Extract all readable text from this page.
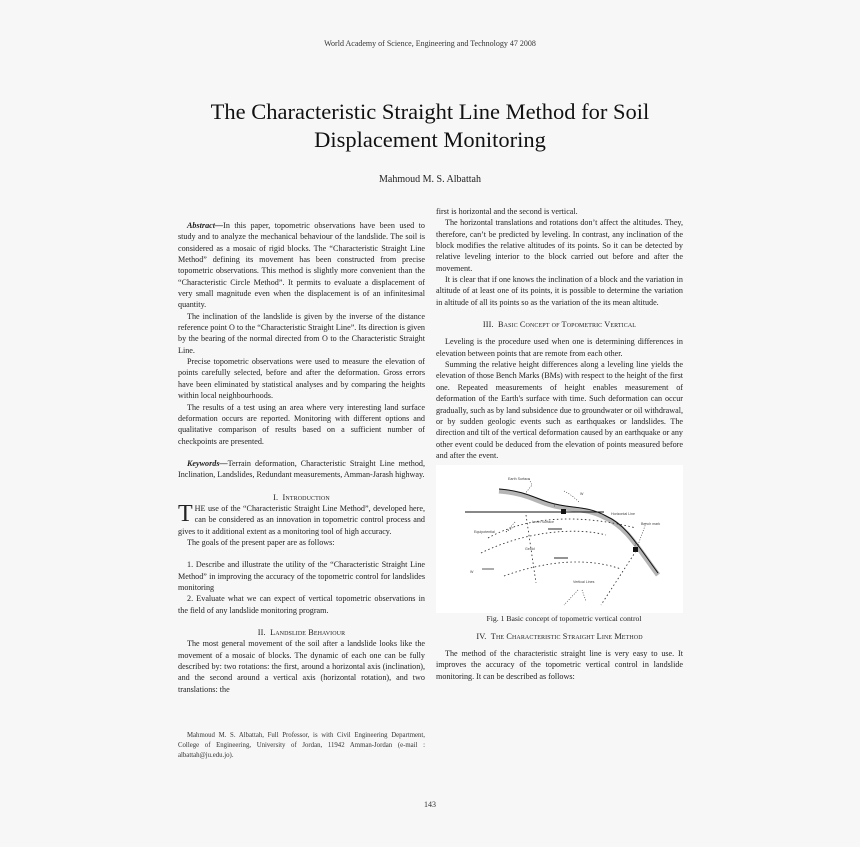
World Academy of Science, Engineering and Technology 47 2008
The Characteristic Straight Line Method for Soil Displacement Monitoring
Mahmoud M. S. Albattah

Abstract—In this paper, topometric observations have been used to study and to analyze the mechanical behaviour of the landslide. The soil is considered as a mosaic of rigid blocks. The “Characteristic Straight Line Method” defining its movement has been constructed from precise topometric observations. This method is slightly more convenient than the “Characteristic Circle Method”. It permits to evaluate a displacement of very small magnitude even when the displacement is of an infinitesimal quantity.

The inclination of the landslide is given by the inverse of the distance reference point O to the “Characteristic Straight Line”. Its direction is given by the bearing of the normal directed from O to the Characteristic Straight Line.

Precise topometric observations were used to measure the elevation of points carefully selected, before and after the deformation. Gross errors have been eliminated by statistical analyses and by comparing the heights within local neighbourhoods.

The results of a test using an area where very interesting land surface deformation occurs are reported. Monitoring with different options and qualitative comparison of results based on a sufficient number of checkpoints are presented.

Keywords—Terrain deformation, Characteristic Straight Line method, Inclination, Landslides, Redundant measurements, Amman-Jarash highway.

I. Introduction

THE use of the “Characteristic Straight Line Method”, developed here, can be considered as an innovation in topometric control process and gives to it additional extent as a monitoring tool of high accuracy.

The goals of the present paper are as follows:

1. Describe and illustrate the utility of the “Characteristic Straight Line Method” in improving the accuracy of the topometric control for landslides monitoring

2. Evaluate what we can expect of vertical topometric observations in the field of any landslide monitoring program.

II. Landslide Behaviour

The most general movement of the soil after a landslide looks like the movement of a mosaic of blocks. The dynamic of each one can be fully described by: two rotations: the first, around a horizontal axis (inclination), and the second around a vertical axis (horizontal rotation), and two translations: the

Mahmoud M. S. Albattah, Full Professor, is with Civil Engineering Department, College of Engineering, University of Jordan, 11942 Amman-Jordan (e-mail : albattah@ju.edu.jo).

first is horizontal and the second is vertical.

The horizontal translations and rotations don’t affect the altitudes. They, therefore, can’t be predicted by leveling. In contrast, any inclination of the block modifies the relative altitudes of its points. So it can be detected by relative leveling interior to the block carried out before and after the movement.

It is clear that if one knows the inclination of a block and the variation in altitude of at least one of its points, it is possible to determine the variation in altitude of all its points so as the variation of the its mean altitude.

III. Basic Concept of Topometric Vertical

Leveling is the procedure used when one is determining differences in elevation between points that are remote from each other.

Summing the relative height differences along a leveling line yields the elevation of those Bench Marks (BMs) with respect to the height of the first one. Repeated measurements of height enables measurement of deformation of the Earth's surface with time. Such deformation can occur gradually, such as by land subsidence due to groundwater or oil withdrawal, or by sudden geologic events such as earthquakes or landslides. The direction and tilt of the vertical deformation caused by an earthquake or any other event could be deduced from the elevation of points measured before and after the event.

Earth Surface
W
I
Horizontal Line
Bench mark
J
Level Surface
Equipotential
Geoid
W
Vertical Lines

Fig. 1 Basic concept of topometric vertical control

IV. The Characteristic Straight Line Method

The method of the characteristic straight line is very easy to use. It improves the accuracy of the topometric vertical control in landslide monitoring. It can be described as follows:

143
